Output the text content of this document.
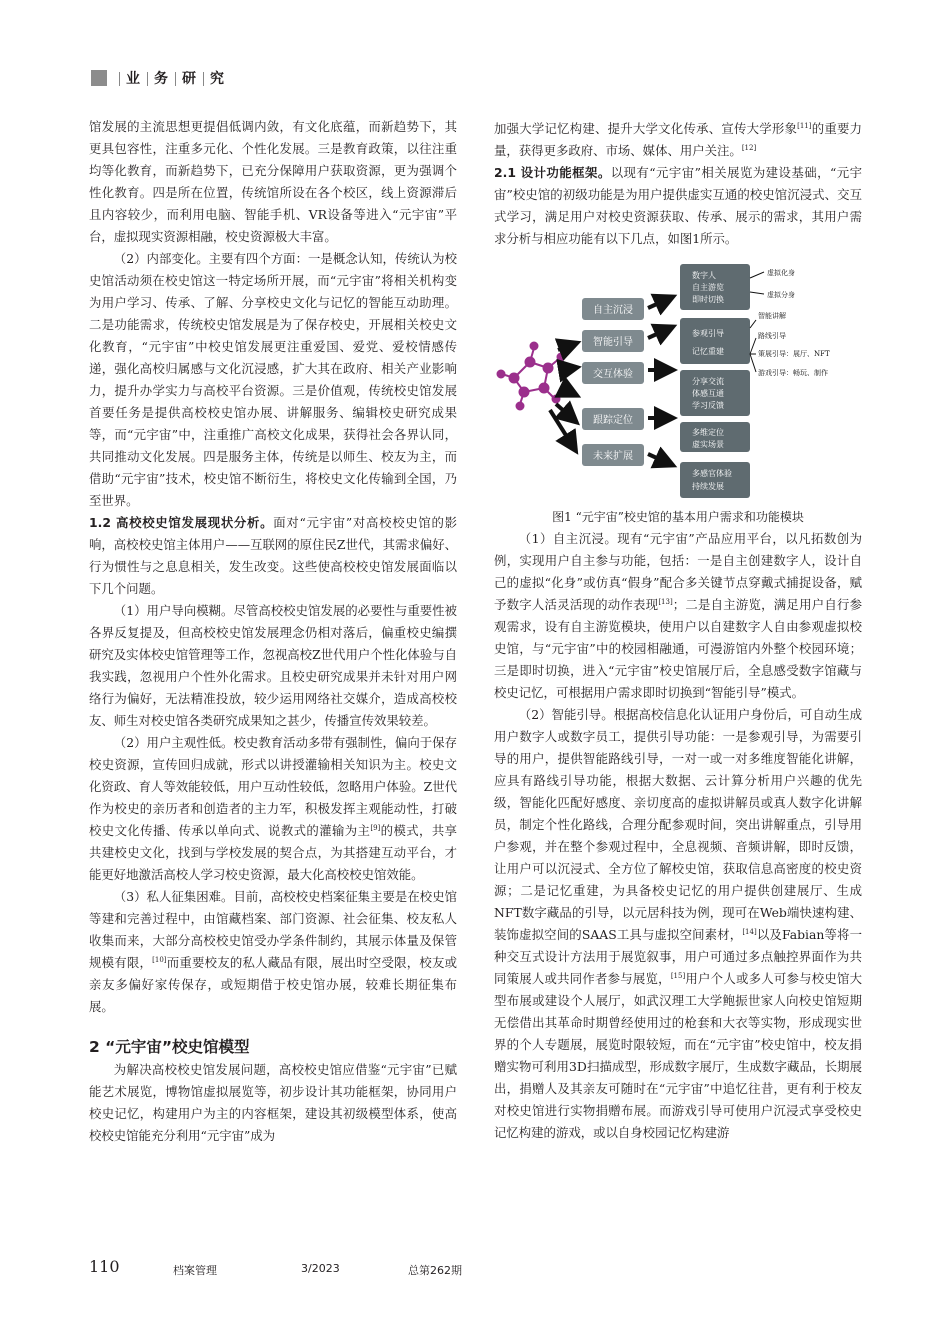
业 务 研 究

馆发展的主流思想更提倡低调内敛，有文化底蕴，而新趋势下，其更具包容性，注重多元化、个性化发展。三是教育政策，以往注重均等化教育，而新趋势下，已充分保障用户获取资源，更为强调个性化教育。四是所在位置，传统馆所设在各个校区，线上资源滞后且内容较少，而利用电脑、智能手机、VR设备等进入“元宇宙”平台，虚拟现实资源相融，校史资源极大丰富。

（2）内部变化。主要有四个方面：一是概念认知，传统认为校史馆活动须在校史馆这一特定场所开展，而“元宇宙”将相关机构变为用户学习、传承、了解、分享校史文化与记忆的智能互动助理。二是功能需求，传统校史馆发展是为了保存校史，开展相关校史文化教育，“元宇宙”中校史馆发展更注重爱国、爱党、爱校情感传递，强化高校归属感与文化沉浸感，扩大其在政府、相关产业影响力，提升办学实力与高校平台资源。三是价值观，传统校史馆发展首要任务是提供高校校史馆办展、讲解服务、编辑校史研究成果等，而“元宇宙”中，注重推广高校文化成果，获得社会各界认同，共同推动文化发展。四是服务主体，传统是以师生、校友为主，而借助“元宇宙”技术，校史馆不断衍生，将校史文化传输到全国，乃至世界。

1.2 高校校史馆发展现状分析。面对“元宇宙”对高校校史馆的影响，高校校史馆主体用户——互联网的原住民Z世代，其需求偏好、行为惯性与之息息相关，发生改变。这些使高校校史馆发展面临以下几个问题。

（1）用户导向模糊。尽管高校校史馆发展的必要性与重要性被各界反复提及，但高校校史馆发展理念仍相对落后，偏重校史编撰研究及实体校史馆管理等工作，忽视高校Z世代用户个性化体验与自我实践，忽视用户个性外化需求。且校史研究成果并未针对用户网络行为偏好，无法精准投放，较少运用网络社交媒介，造成高校校友、师生对校史馆各类研究成果知之甚少，传播宣传效果较差。

（2）用户主观性低。校史教育活动多带有强制性，偏向于保存校史资源，宣传回归成就，形式以讲授灌输相关知识为主。校史文化资政、育人等效能较低，用户互动性较低，忽略用户体验。Z世代作为校史的亲历者和创造者的主力军，积极发挥主观能动性，打破校史文化传播、传承以单向式、说教式的灌输为主[9]的模式，共享共建校史文化，找到与学校发展的契合点，为其搭建互动平台，才能更好地激活高校人学习校史资源，最大化高校校史馆效能。

（3）私人征集困难。目前，高校校史档案征集主要是在校史馆等建和完善过程中，由馆藏档案、部门资源、社会征集、校友私人收集而来，大部分高校校史馆受办学条件制约，其展示体量及保管规模有限，[10]而重要校友的私人藏品有限，展出时空受限，校友或亲友多偏好家传保存，或短期借于校史馆办展，较难长期征集布展。

2 “元宇宙”校史馆模型

为解决高校校史馆发展问题，高校校史馆应借鉴“元宇宙”已赋能艺术展览，博物馆虚拟展览等，初步设计其功能框架，协同用户校史记忆，构建用户为主的内容框架，建设其初级模型体系，使高校校史馆能充分利用“元宇宙”成为

加强大学记忆构建、提升大学文化传承、宣传大学形象[11]的重要力量，获得更多政府、市场、媒体、用户关注。[12]

2.1 设计功能框架。以现有“元宇宙”相关展览为建设基础，“元宇宙”校史馆的初级功能是为用户提供虚实互通的校史馆沉浸式、交互式学习，满足用户对校史资源获取、传承、展示的需求，其用户需求分析与相应功能有以下几点，如图1所示。

自主沉浸
智能引导
交互体验
跟踪定位
未来扩展
数字人
自主游览
即时切换
参观引导
记忆重建
分享交流
体感互通
学习反馈
多维定位
虚实场景
多感官体验
持续发展
虚拟化身
虚拟分身
智能讲解
路线引导
策展引导：展厅、NFT
游戏引导：畅玩、制作

图1 “元宇宙”校史馆的基本用户需求和功能模块

（1）自主沉浸。现有“元宇宙”产品应用平台，以凡拓数创为例，实现用户自主参与功能，包括：一是自主创建数字人，设计自己的虚拟“化身”或仿真“假身”配合多关键节点穿戴式捕捉设备，赋予数字人活灵活现的动作表现[13]；二是自主游览，满足用户自行参观需求，设有自主游览模块，使用户以自建数字人自由参观虚拟校史馆，与“元宇宙”中的校园相融通，可漫游馆内外整个校园环境；三是即时切换，进入“元宇宙”校史馆展厅后，全息感受数字馆藏与校史记忆，可根据用户需求即时切换到“智能引导”模式。

（2）智能引导。根据高校信息化认证用户身份后，可自动生成用户数字人或数字员工，提供引导功能：一是参观引导，为需要引导的用户，提供智能路线引导，一对一或一对多维度智能化讲解，应具有路线引导功能，根据大数据、云计算分析用户兴趣的优先级，智能化匹配好感度、亲切度高的虚拟讲解员或真人数字化讲解员，制定个性化路线，合理分配参观时间，突出讲解重点，引导用户参观，并在整个参观过程中，全息视频、音频讲解，即时反馈，让用户可以沉浸式、全方位了解校史馆，获取信息高密度的校史资源；二是记忆重建，为具备校史记忆的用户提供创建展厅、生成NFT数字藏品的引导，以元居科技为例，现可在Web端快速构建、装饰虚拟空间的SAAS工具与虚拟空间素材，[14]以及Fabian等将一种交互式设计方法用于展览叙事，用户可通过多点触控界面作为共同策展人或共同作者参与展览，[15]用户个人或多人可参与校史馆大型布展或建设个人展厅，如武汉理工大学鲍振世家人向校史馆短期无偿借出其革命时期曾经使用过的枪套和大衣等实物，形成现实世界的个人专题展，展览时限较短，而在“元宇宙”校史馆中，校友捐赠实物可利用3D扫描成型，形成数字展厅，生成数字藏品，长期展出，捐赠人及其亲友可随时在“元宇宙”中追忆往昔，更有利于校友对校史馆进行实物捐赠布展。而游戏引导可使用户沉浸式享受校史记忆构建的游戏，或以自身校园记忆构建游

110	档案管理	3/2023	总第262期
